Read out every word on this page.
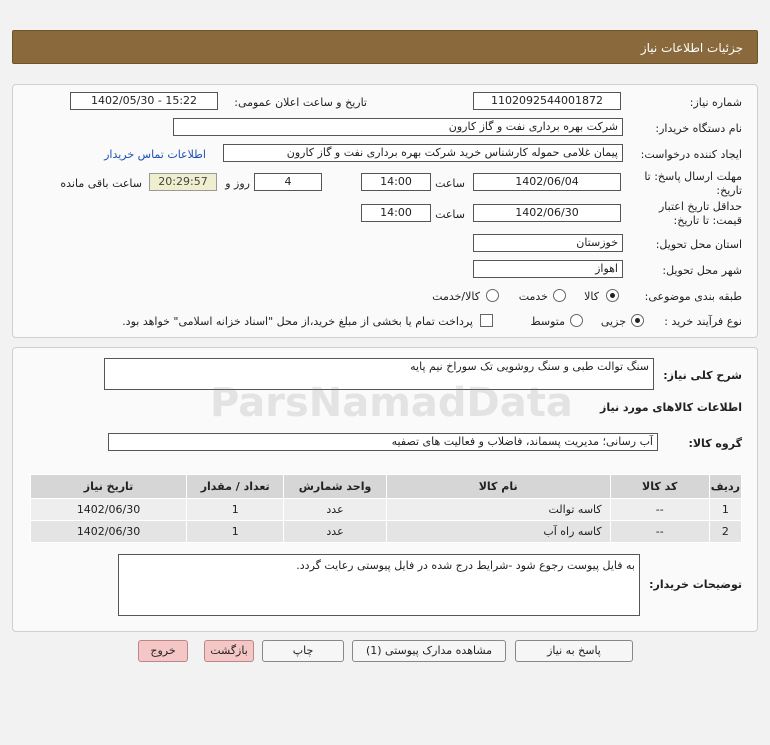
جزئیات اطلاعات نیاز
شماره نیاز:
1102092544001872
تاریخ و ساعت اعلان عمومی:
1402/05/30 - 15:22
نام دستگاه خریدار:
شرکت بهره برداری نفت و گاز کارون
ایجاد کننده درخواست:
پیمان غلامی حموله کارشناس خرید شرکت بهره برداری نفت و گاز کارون
اطلاعات تماس خریدار
مهلت ارسال پاسخ: تا
تاریخ:
1402/06/04
ساعت
14:00
4
روز و
20:29:57
ساعت باقی مانده
حداقل تاریخ اعتبار
قیمت: تا تاریخ:
1402/06/30
ساعت
14:00
استان محل تحویل:
خوزستان
شهر محل تحویل:
اهواز
طبقه بندی موضوعی:
کالا
خدمت
کالا/خدمت
نوع فرآیند خرید :
جزیی
متوسط
پرداخت تمام یا بخشی از مبلغ خرید،از محل "اسناد خزانه اسلامی" خواهد بود.
شرح کلی نیاز:
سنگ توالت طبی و سنگ روشویی تک سوراخ نیم پایه
اطلاعات کالاهای مورد نیاز
گروه کالا:
آب رسانی؛ مدیریت پسماند، فاضلاب و فعالیت های تصفیه
ردیف	کد کالا	نام کالا	واحد شمارش	تعداد / مقدار	تاریخ نیاز
1	--	کاسه توالت	عدد	1	1402/06/30
2	--	کاسه راه آب	عدد	1	1402/06/30
توضیحات خریدار:
به فایل پیوست رجوع شود -شرایط درج شده در فایل پیوستی رعایت گردد.
پاسخ به نیاز
مشاهده مدارک پیوستی (1)
چاپ
بازگشت
خروج
